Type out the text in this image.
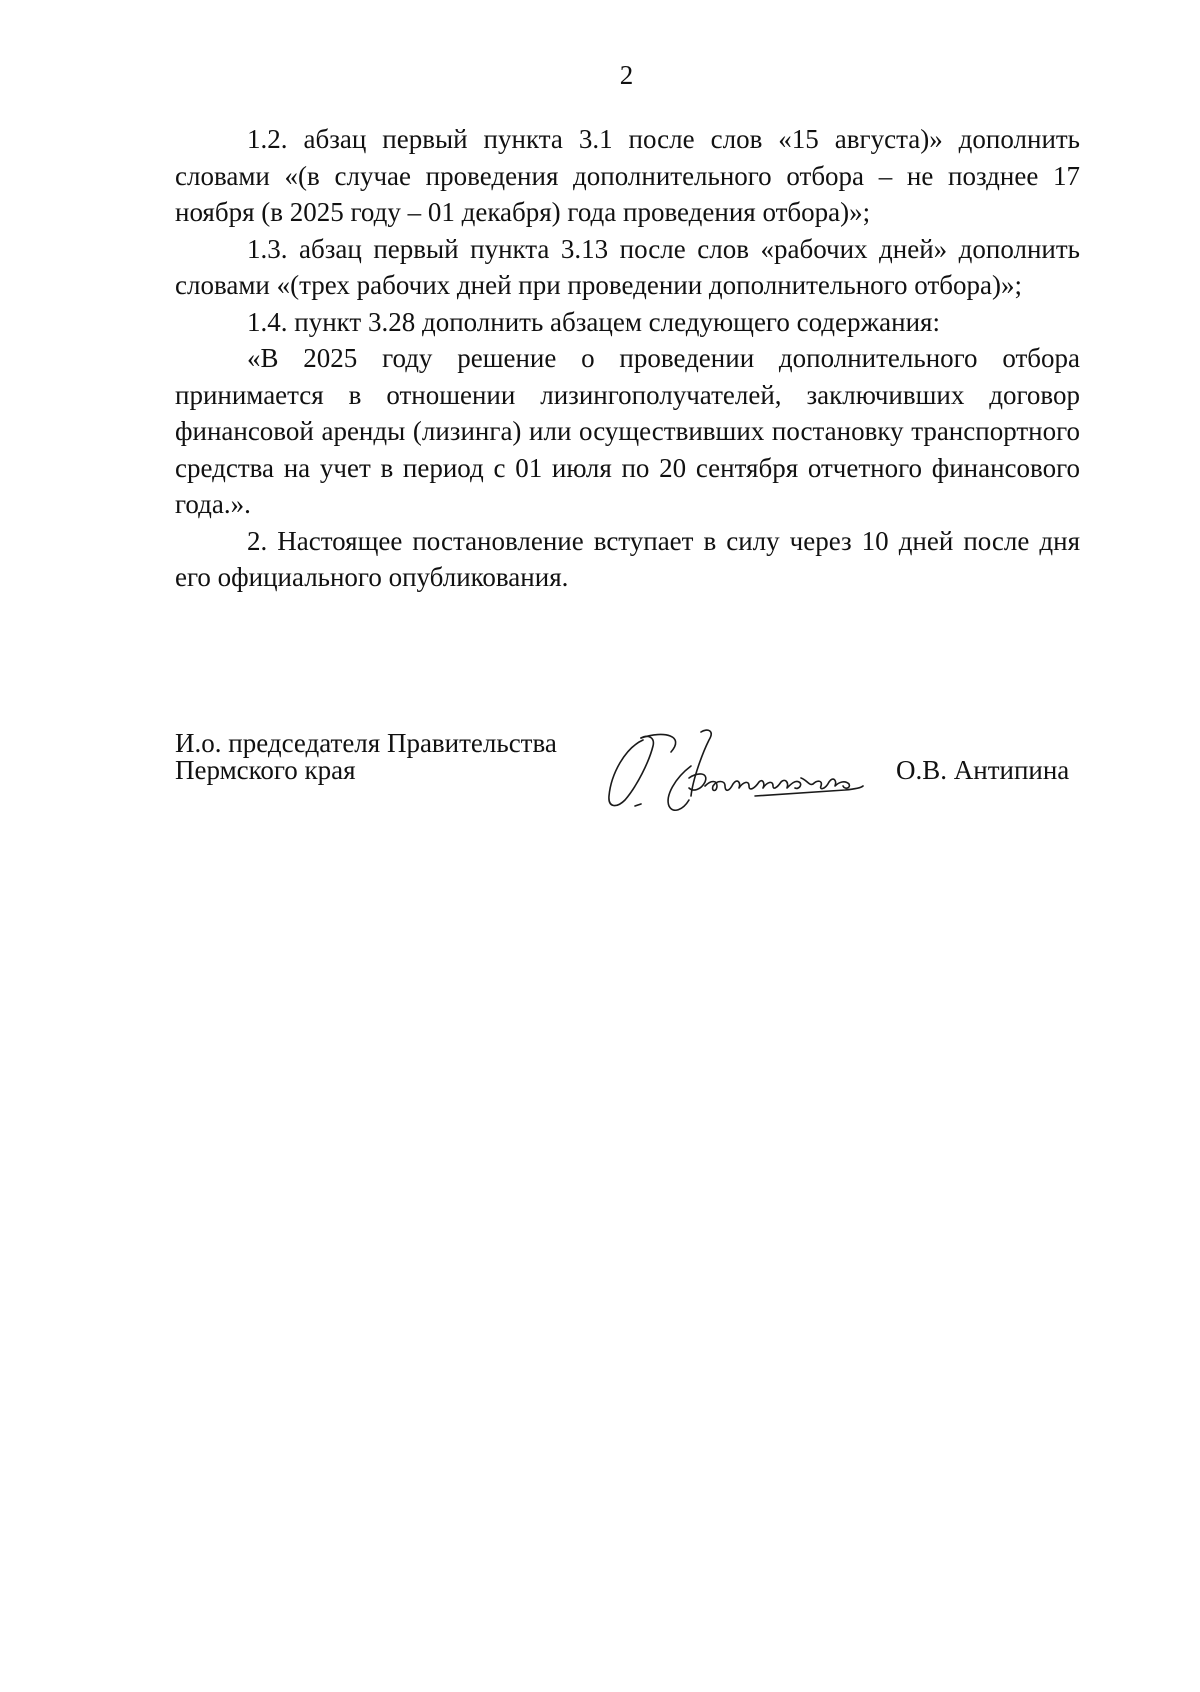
2

1.2. абзац первый пункта 3.1 после слов «15 августа)» дополнить словами «(в случае проведения дополнительного отбора – не позднее 17 ноября (в 2025 году – 01 декабря) года проведения отбора)»;

1.3. абзац первый пункта 3.13 после слов «рабочих дней» дополнить словами «(трех рабочих дней при проведении дополнительного отбора)»;

1.4. пункт 3.28 дополнить абзацем следующего содержания:

«В 2025 году решение о проведении дополнительного отбора принимается в отношении лизингополучателей, заключивших договор финансовой аренды (лизинга) или осуществивших постановку транспортного средства на учет в период с 01 июля по 20 сентября отчетного финансового года.».

2. Настоящее постановление вступает в силу через 10 дней после дня его официального опубликования.

И.о. председателя Правительства
Пермского края	О.В. Антипина
